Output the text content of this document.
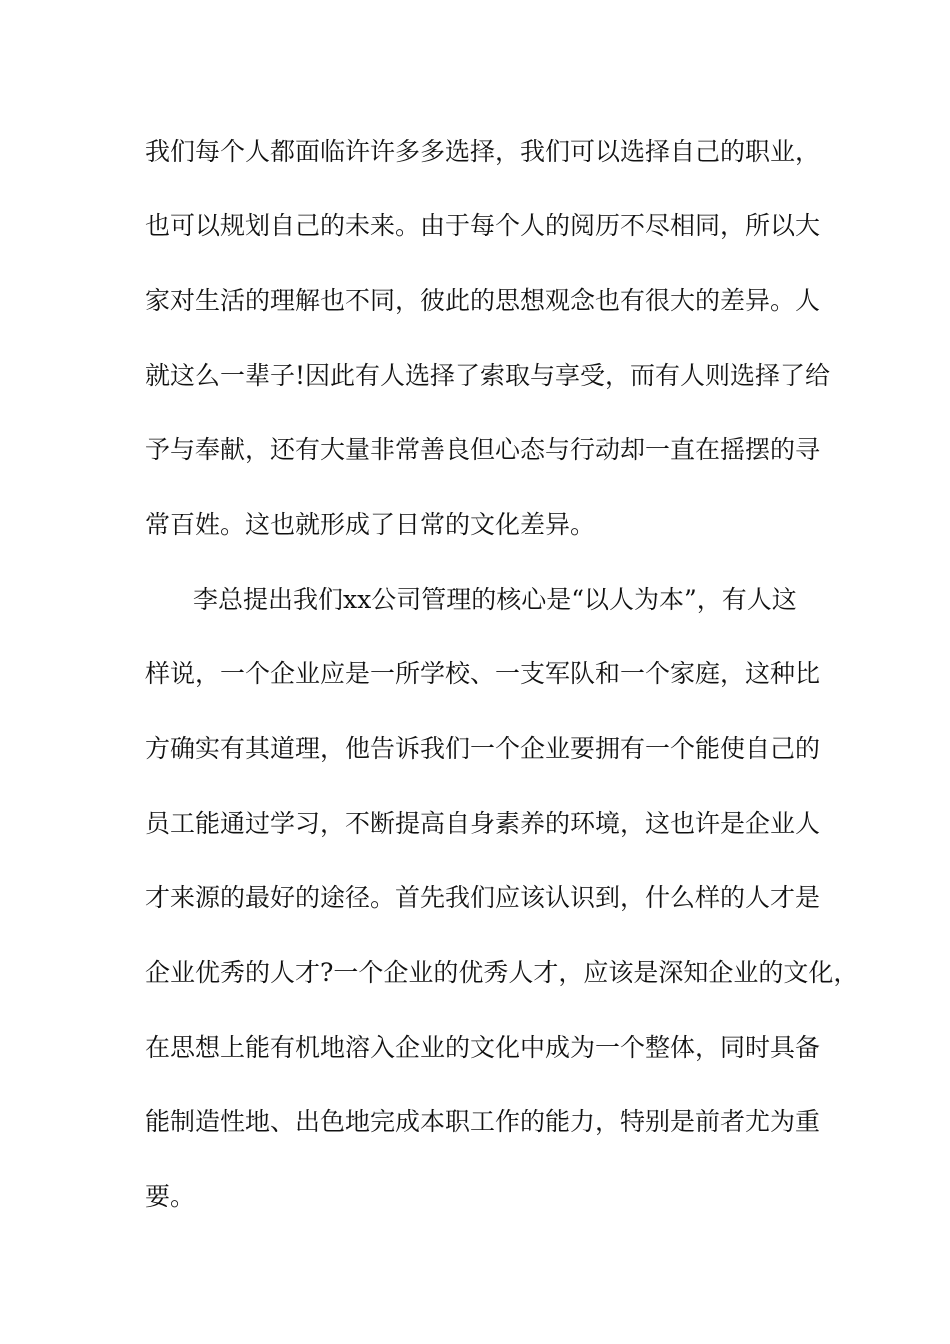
我们每个人都面临许许多多选择，我们可以选择自己的职业，

也可以规划自己的未来。由于每个人的阅历不尽相同，所以大

家对生活的理解也不同，彼此的思想观念也有很大的差异。人

就这么一辈子!因此有人选择了索取与享受，而有人则选择了给

予与奉献，还有大量非常善良但心态与行动却一直在摇摆的寻

常百姓。这也就形成了日常的文化差异。

李总提出我们xx公司管理的核心是“以人为本”，有人这

样说，一个企业应是一所学校、一支军队和一个家庭，这种比

方确实有其道理，他告诉我们一个企业要拥有一个能使自己的

员工能通过学习，不断提高自身素养的环境，这也许是企业人

才来源的最好的途径。首先我们应该认识到，什么样的人才是

企业优秀的人才?一个企业的优秀人才，应该是深知企业的文化，

在思想上能有机地溶入企业的文化中成为一个整体，同时具备

能制造性地、出色地完成本职工作的能力，特别是前者尤为重

要。
